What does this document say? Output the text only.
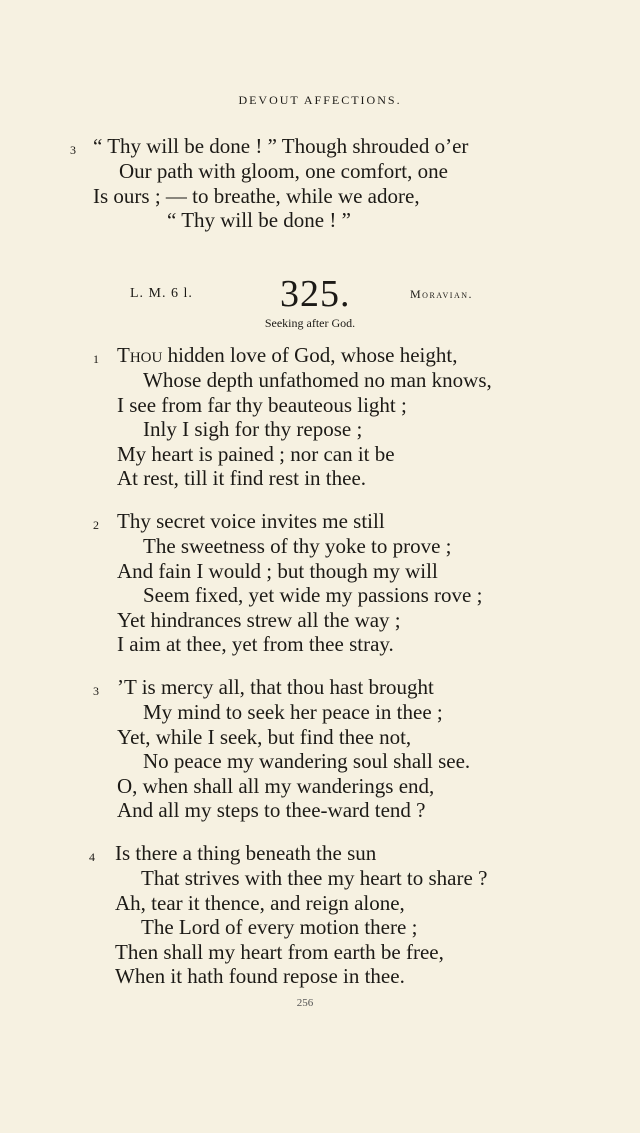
DEVOUT AFFECTIONS.
3 “ Thy will be done ! ” Though shrouded o’er
Our path with gloom, one comfort, one
Is ours ; — to breathe, while we adore,
“ Thy will be done ! ”
L. M. 6 l. 325.	Moravian.
Seeking after God.
1 Thou hidden love of God, whose height,
Whose depth unfathomed no man knows,
I see from far thy beauteous light ;
Inly I sigh for thy repose ;
My heart is pained ; nor can it be
At rest, till it find rest in thee.
2 Thy secret voice invites me still
The sweetness of thy yoke to prove ;
And fain I would ; but though my will
Seem fixed, yet wide my passions rove ;
Yet hindrances strew all the way ;
I aim at thee, yet from thee stray.
3 ’T is mercy all, that thou hast brought
My mind to seek her peace in thee ;
Yet, while I seek, but find thee not,
No peace my wandering soul shall see.
O, when shall all my wanderings end,
And all my steps to thee-ward tend ?
4 Is there a thing beneath the sun
That strives with thee my heart to share ?
Ah, tear it thence, and reign alone,
The Lord of every motion there ;
Then shall my heart from earth be free,
When it hath found repose in thee.
256
